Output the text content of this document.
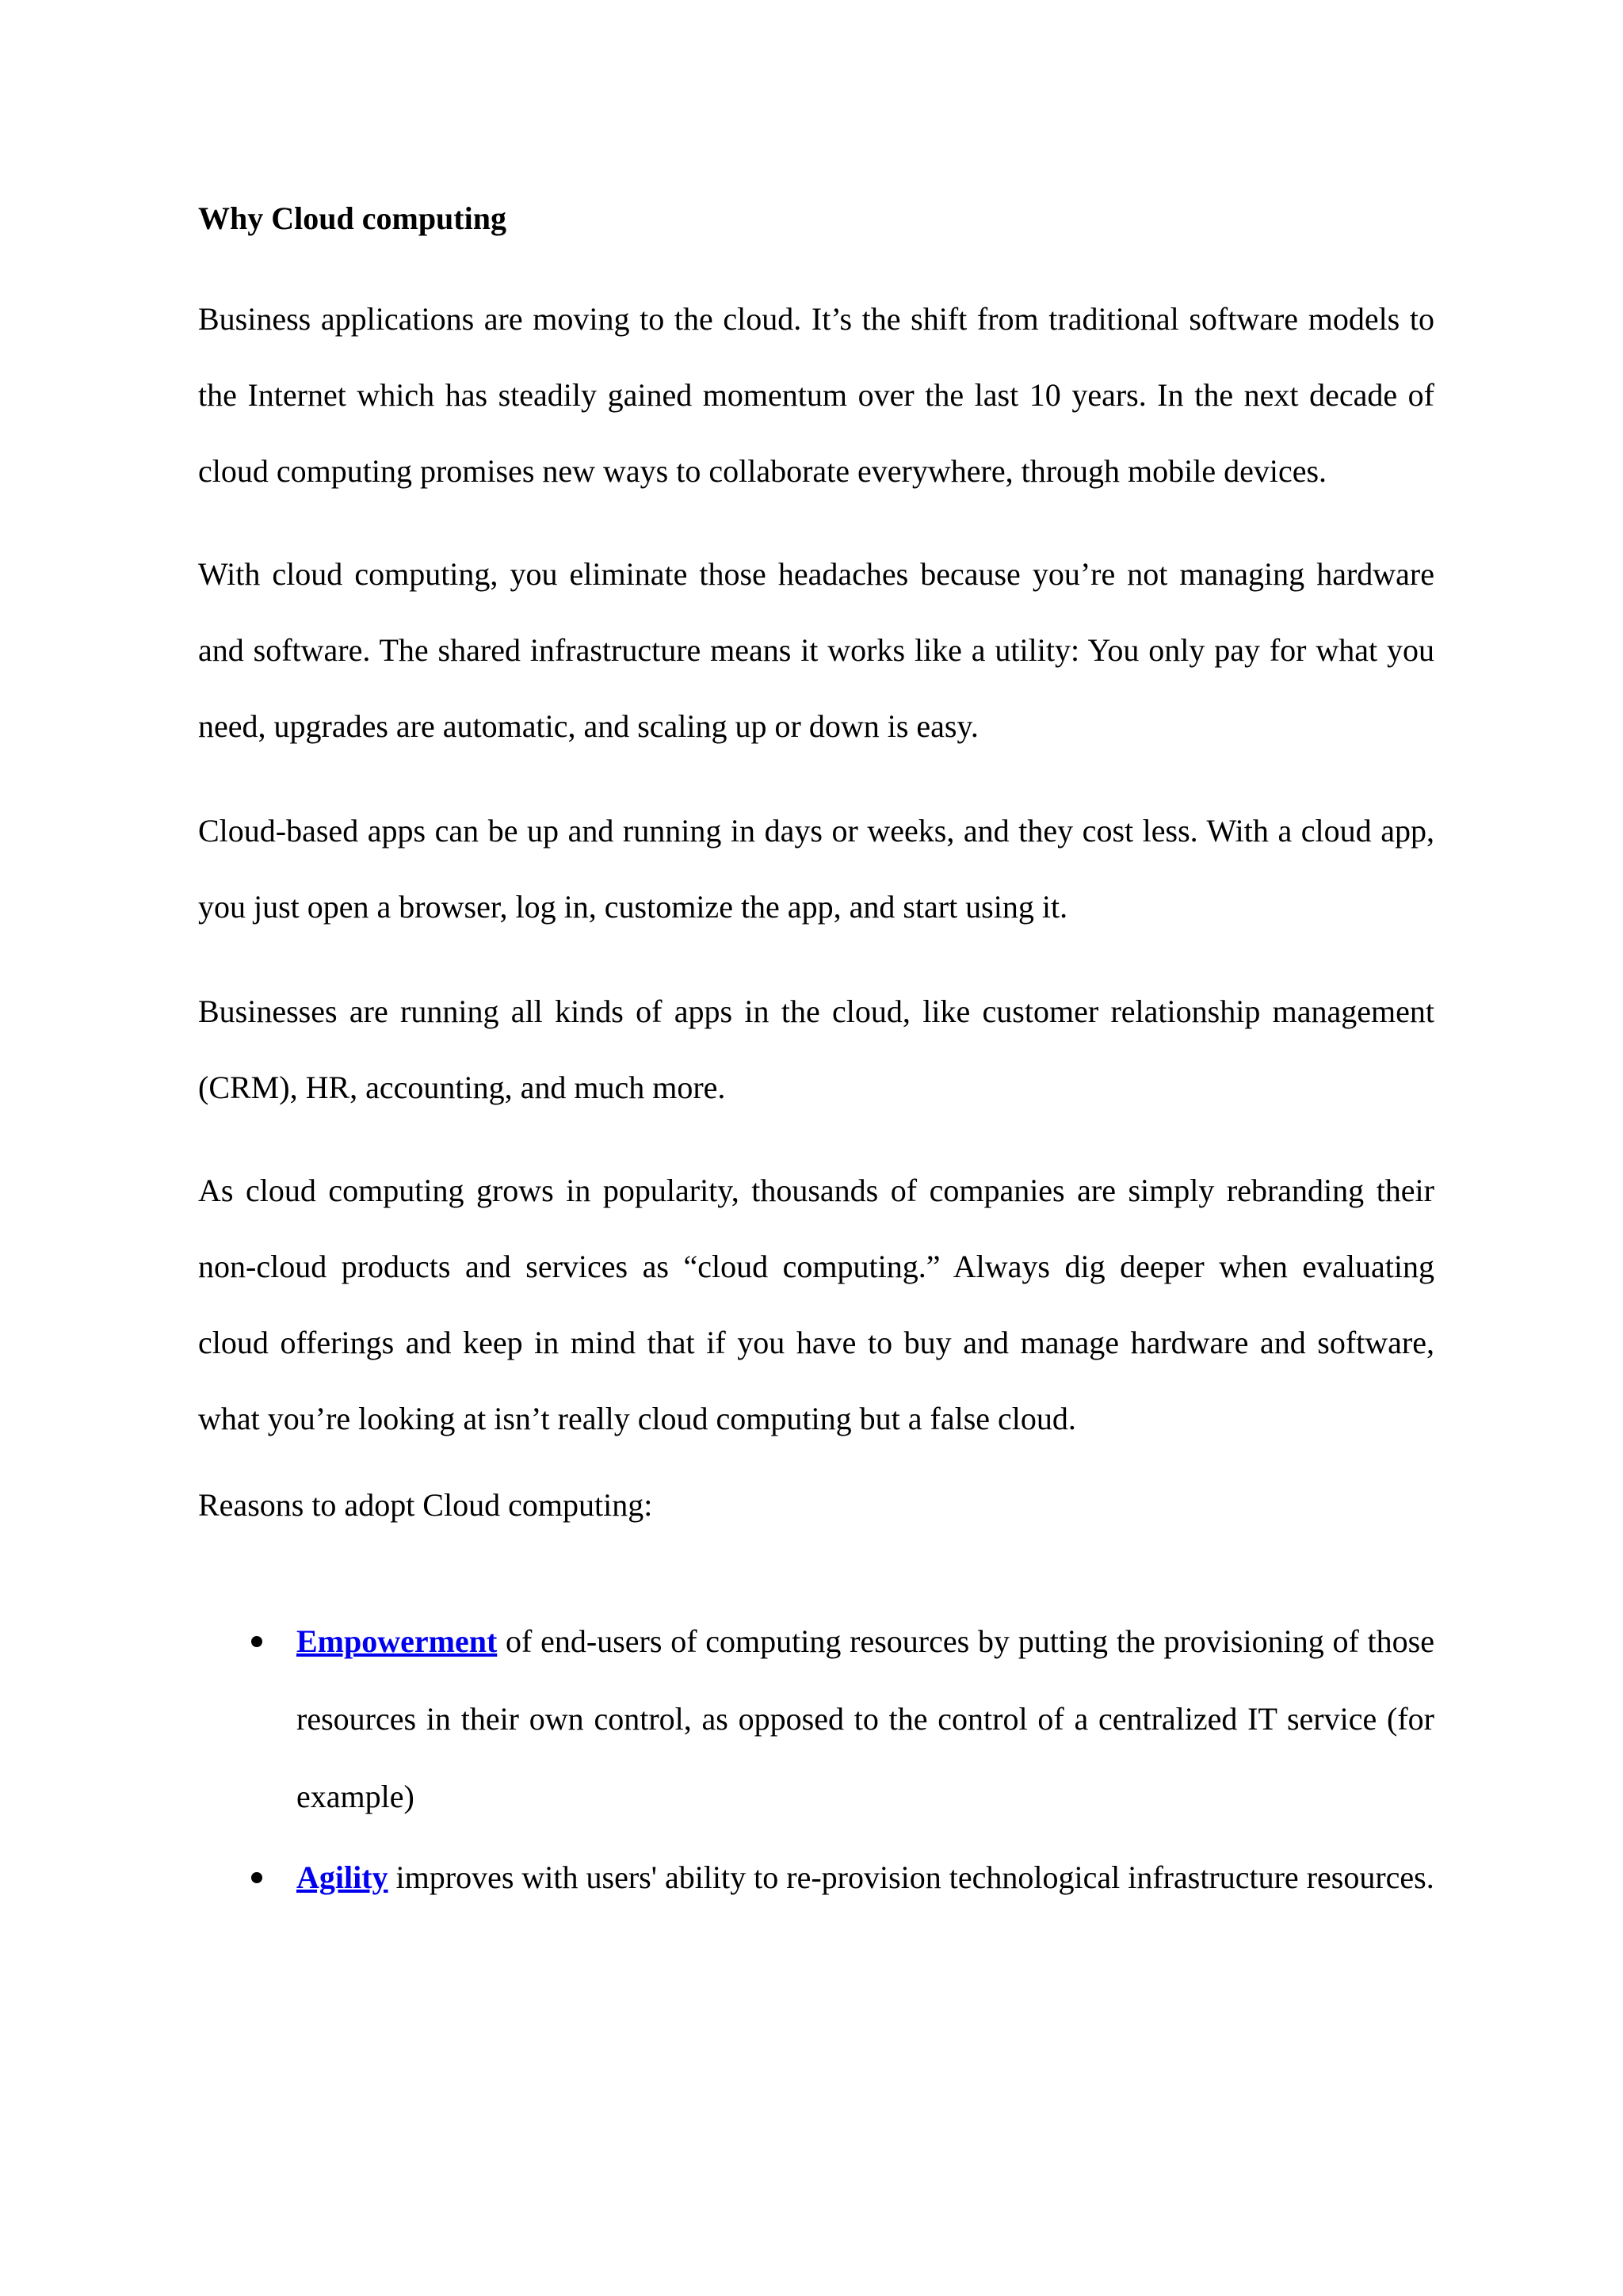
Why Cloud computing

Business applications are moving to the cloud. It’s the shift from traditional software models to the Internet which has steadily gained momentum over the last 10 years. In the next decade of cloud computing promises new ways to collaborate everywhere, through mobile devices.

With cloud computing, you eliminate those headaches because you’re not managing hardware and software. The shared infrastructure means it works like a utility: You only pay for what you need, upgrades are automatic, and scaling up or down is easy.

Cloud-based apps can be up and running in days or weeks, and they cost less. With a cloud app, you just open a browser, log in, customize the app, and start using it.

Businesses are running all kinds of apps in the cloud, like customer relationship management (CRM), HR, accounting, and much more.

As cloud computing grows in popularity, thousands of companies are simply rebranding their non-cloud products and services as “cloud computing.” Always dig deeper when evaluating cloud offerings and keep in mind that if you have to buy and manage hardware and software, what you’re looking at isn’t really cloud computing but a false cloud.

Reasons to adopt Cloud computing:

Empowerment of end-users of computing resources by putting the provisioning of those resources in their own control, as opposed to the control of a centralized IT service (for example)
Agility improves with users' ability to re-provision technological infrastructure resources.
